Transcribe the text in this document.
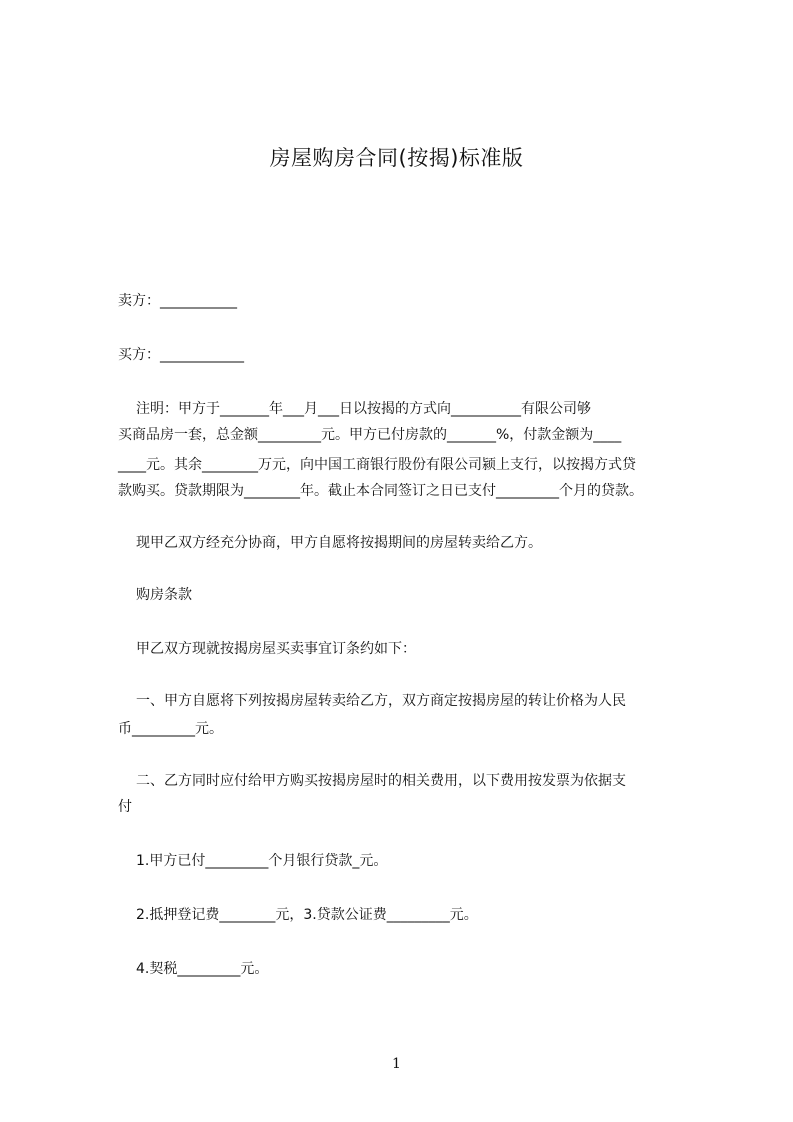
房屋购房合同(按揭)标准版

卖方：___________

买方：____________

注明：甲方于_______年___月___日以按揭的方式向__________有限公司够

买商品房一套，总金额_________元。甲方已付房款的_______%，付款金额为____

____元。其余________万元，向中国工商银行股份有限公司颍上支行，以按揭方式贷

款购买。贷款期限为________年。截止本合同签订之日已支付_________个月的贷款。

现甲乙双方经充分协商，甲方自愿将按揭期间的房屋转卖给乙方。

购房条款

甲乙双方现就按揭房屋买卖事宜订条约如下：

一、甲方自愿将下列按揭房屋转卖给乙方，双方商定按揭房屋的转让价格为人民

币_________元。

二、乙方同时应付给甲方购买按揭房屋时的相关费用，以下费用按发票为依据支

付

1.甲方已付_________个月银行贷款_元。

2.抵押登记费________元，3.贷款公证费_________元。

4.契税_________元。

1
